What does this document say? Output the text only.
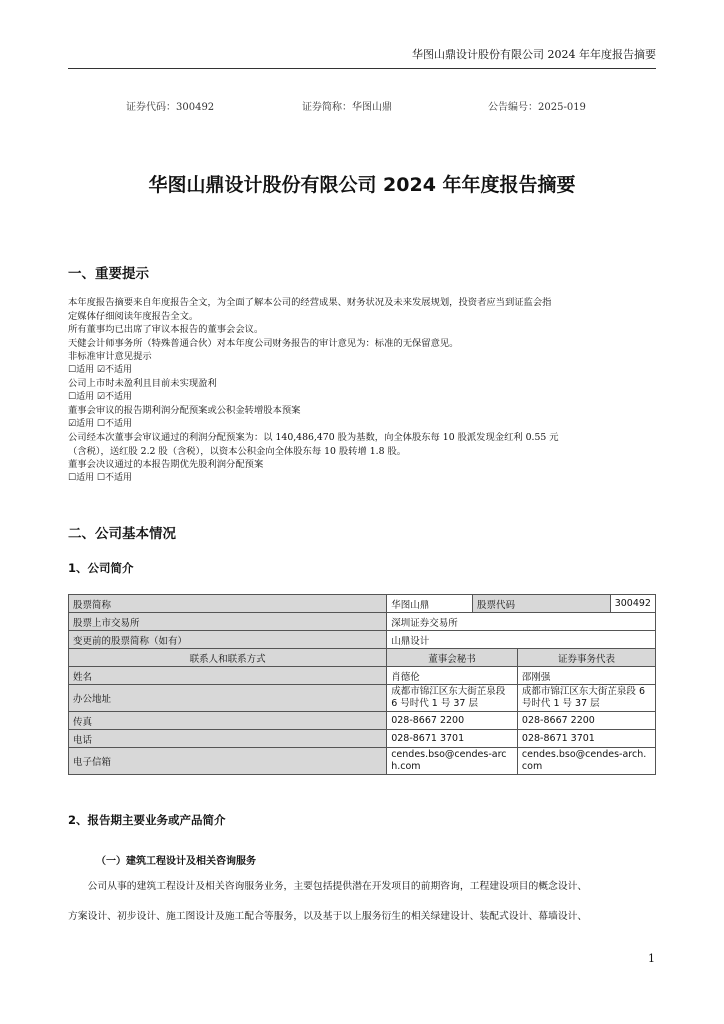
华图山鼎设计股份有限公司 2024 年年度报告摘要
证券代码：300492	证券简称：华图山鼎	公告编号：2025-019
华图山鼎设计股份有限公司 2024 年年度报告摘要
一、重要提示
本年度报告摘要来自年度报告全文，为全面了解本公司的经营成果、财务状况及未来发展规划，投资者应当到证监会指
定媒体仔细阅读年度报告全文。
所有董事均已出席了审议本报告的董事会会议。
天健会计师事务所（特殊普通合伙）对本年度公司财务报告的审计意见为：标准的无保留意见。
非标准审计意见提示
☐适用 ☑不适用
公司上市时未盈利且目前未实现盈利
☐适用 ☑不适用
董事会审议的报告期利润分配预案或公积金转增股本预案
☑适用 ☐不适用
公司经本次董事会审议通过的利润分配预案为：以 140,486,470 股为基数，向全体股东每 10 股派发现金红利 0.55 元
（含税），送红股 2.2 股（含税），以资本公积金向全体股东每 10 股转增 1.8 股。
董事会决议通过的本报告期优先股利润分配预案
☐适用 ☐不适用
二、公司基本情况
1、公司简介
股票简称	华图山鼎	股票代码		300492
股票上市交易所	深圳证券交易所			
变更前的股票简称（如有）	山鼎设计			
联系人和联系方式	董事会秘书		证券事务代表	
姓名	肖德伦		邵刚强	
办公地址	成都市锦江区东大街芷泉段 6 号时代 1 号 37 层		成都市锦江区东大街芷泉段 6 号时代 1 号 37 层	
传真	028-8667 2200		028-8667 2200	
电话	028-8671 3701		028-8671 3701	
电子信箱	cendes.bso@cendes-arch.com		cendes.bso@cendes-arch.com	
2、报告期主要业务或产品简介
（一）建筑工程设计及相关咨询服务
公司从事的建筑工程设计及相关咨询服务业务，主要包括提供潜在开发项目的前期咨询，工程建设项目的概念设计、
方案设计、初步设计、施工图设计及施工配合等服务，以及基于以上服务衍生的相关绿建设计、装配式设计、幕墙设计、
1
